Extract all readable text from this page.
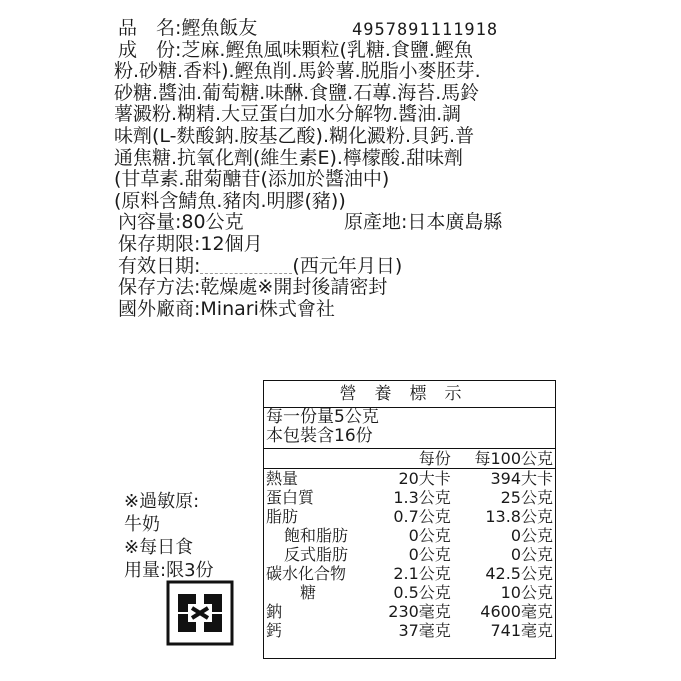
品　名:鰹魚飯友
成　份:芝麻.鰹魚風味顆粒(乳糖.食鹽.鰹魚
粉.砂糖.香料).鰹魚削.馬鈴薯.脱脂小麥胚芽.
砂糖.醬油.葡萄糖.味醂.食鹽.石蓴.海苔.馬鈴
薯澱粉.糊精.大豆蛋白加水分解物.醬油.調
味劑(L-麩酸鈉.胺基乙酸).糊化澱粉.貝鈣.普
通焦糖.抗氧化劑(維生素E).檸檬酸.甜味劑
(甘草素.甜菊醣苷(添加於醬油中)
(原料含鯖魚.豬肉.明膠(豬))
內容量:80公克	原產地:日本廣島縣
保存期限:12個月
有效日期:	(西元年月日)
保存方法:乾燥處※開封後請密封
國外廠商:Minari株式會社
4957891111918
營養標示
每一份量5公克
本包裝含16份
	每份	每100公克
熱量	20大卡	394大卡
蛋白質	1.3公克	25公克
脂肪	0.7公克	13.8公克
飽和脂肪	0公克	0公克
反式脂肪	0公克	0公克
碳水化合物	2.1公克	42.5公克
糖	0.5公克	10公克
鈉	230毫克	4600毫克
鈣	37毫克	741毫克
※過敏原:
牛奶
※每日食
用量:限3份
